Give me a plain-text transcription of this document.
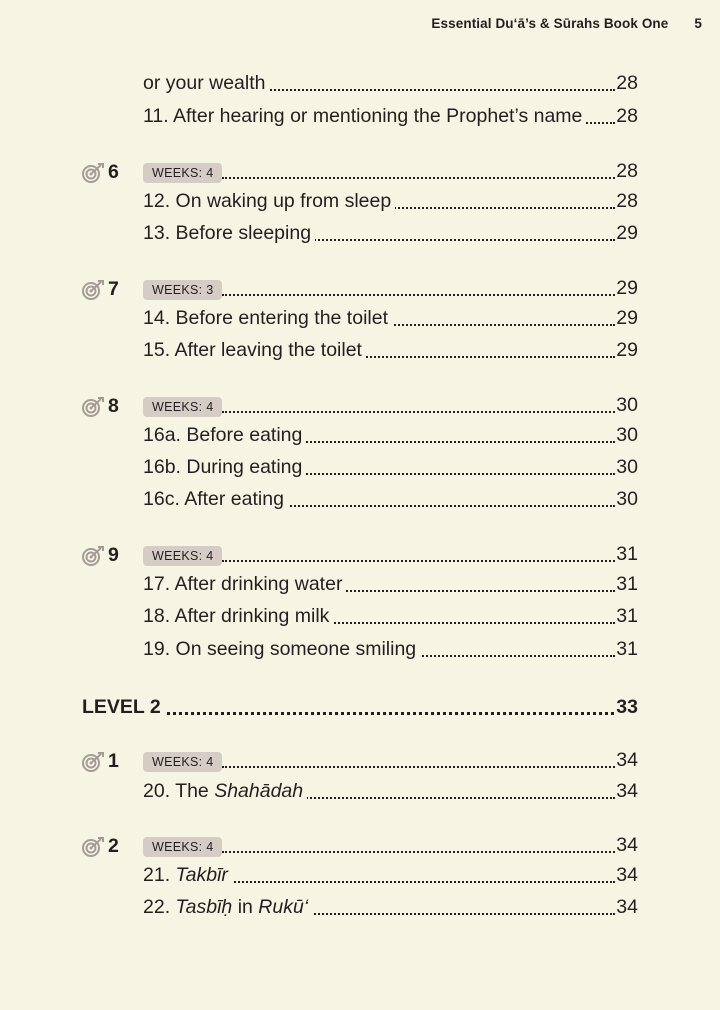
Essential Du‘ā’s & Sūrahs Book One 5
or your wealth	28
11. After hearing or mentioning the Prophet’s name 28
6	WEEKS: 4	28
12. On waking up from sleep	28
13. Before sleeping	29
7	WEEKS: 3	29
14. Before entering the toilet	29
15. After leaving the toilet	29
8	WEEKS: 4	30
16a. Before eating	30
16b. During eating	30
16c. After eating	30
9	WEEKS: 4	31
17. After drinking water	31
18. After drinking milk	31
19. On seeing someone smiling	31
LEVEL 2	33
1	WEEKS: 4	34
20. The Shahādah	34
2	WEEKS: 4	34
21. Takbīr	34
22. Tasbīḥ in Rukū‘	34
